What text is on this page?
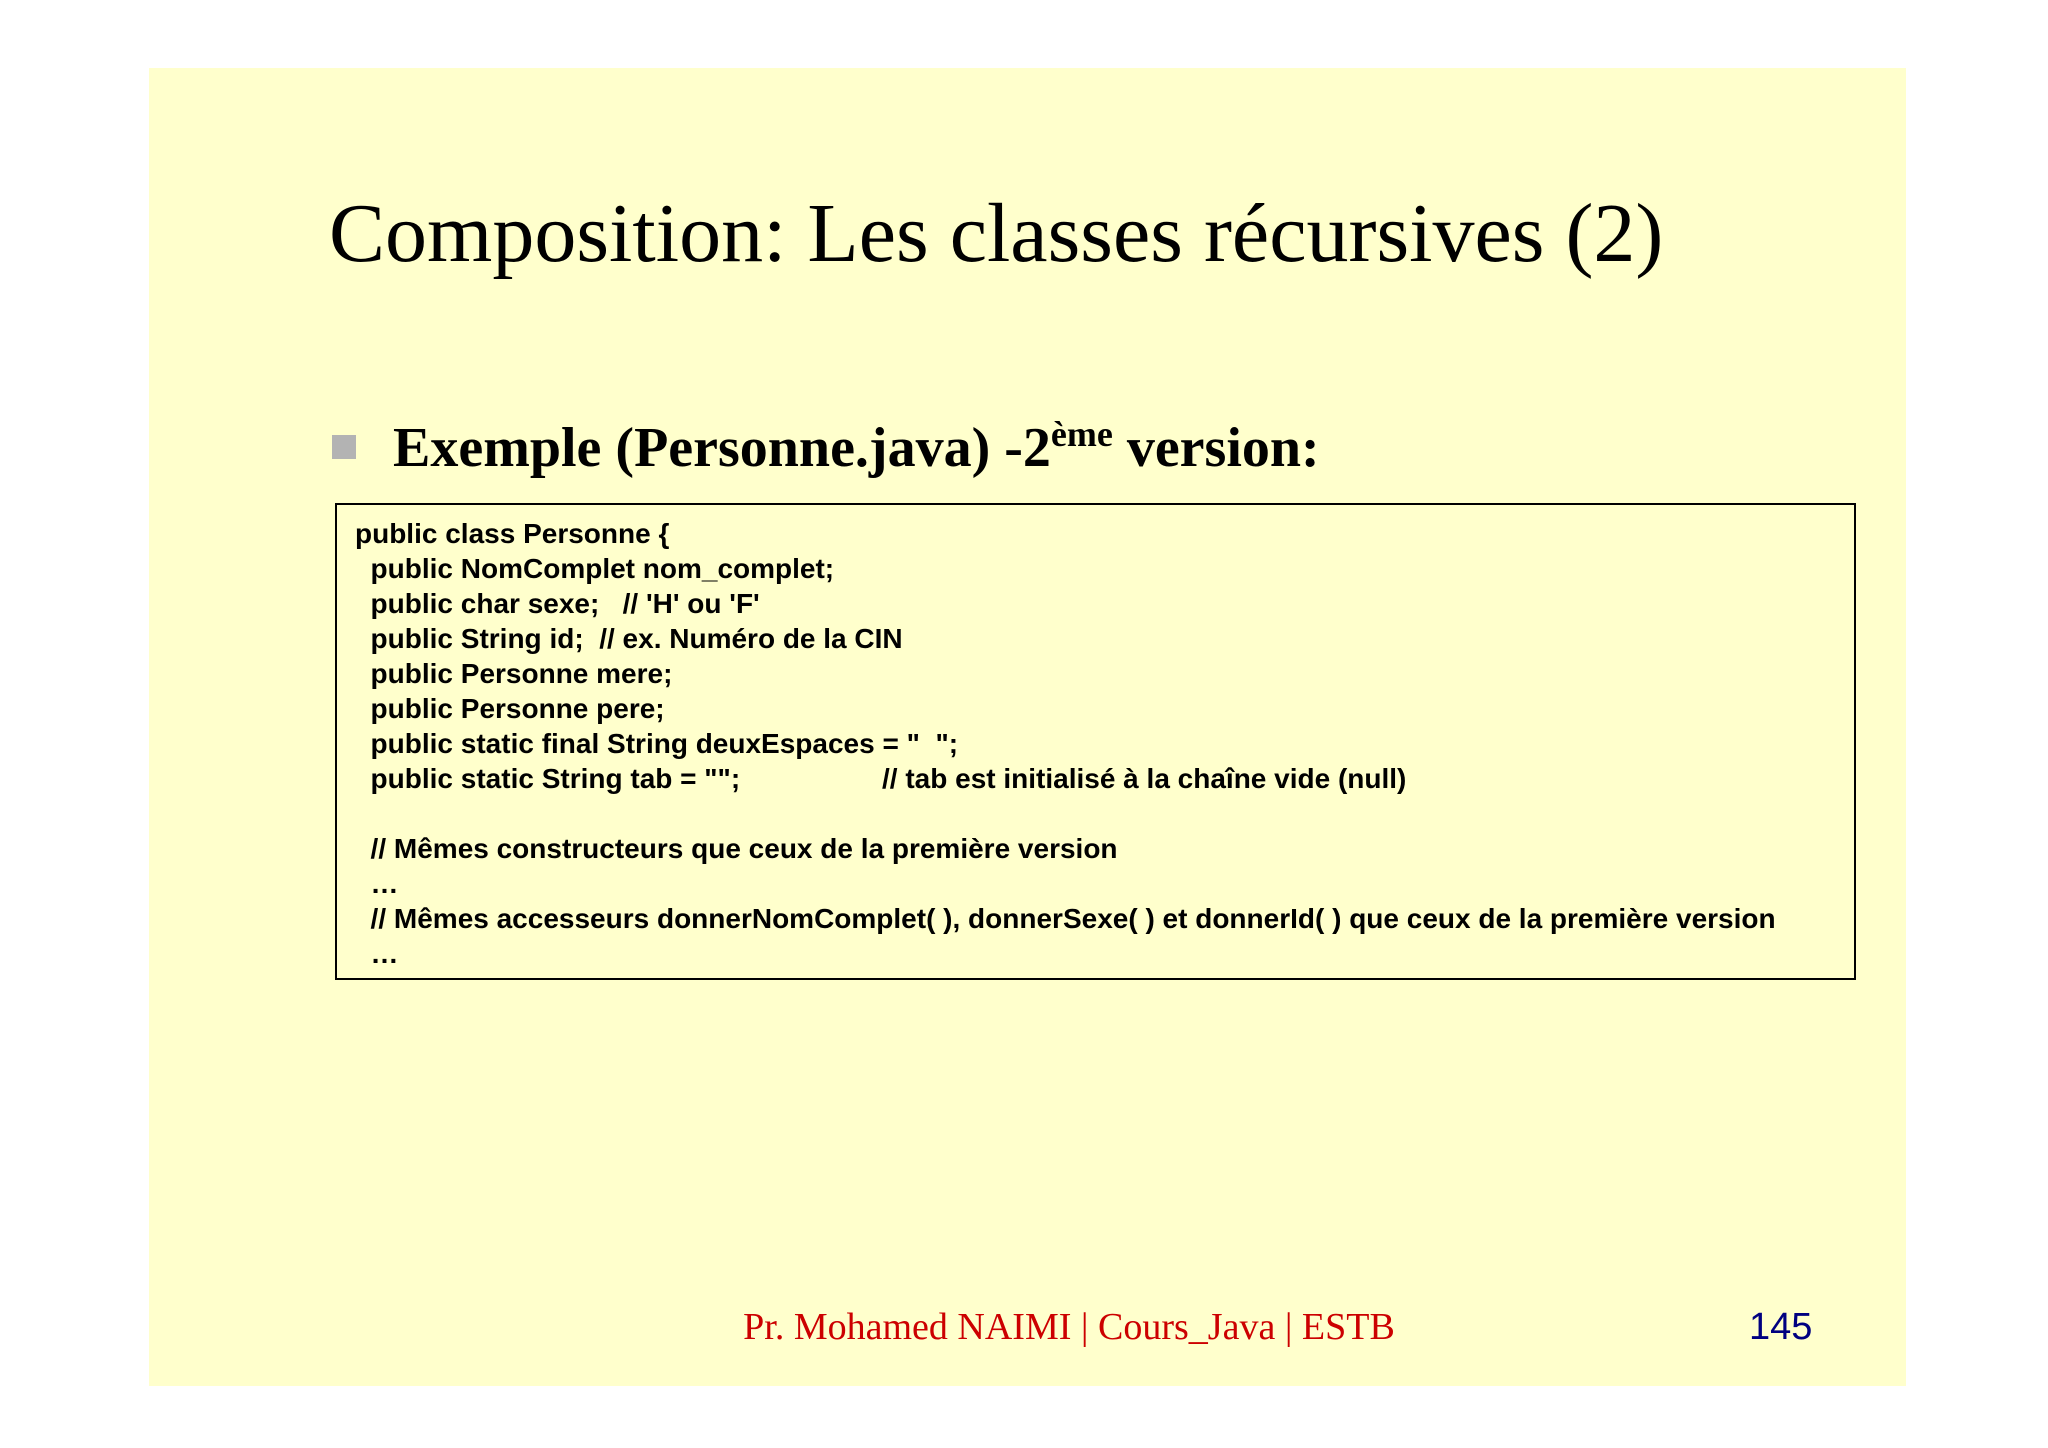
Composition: Les classes récursives (2)
Exemple (Personne.java) -2ème version:
public class Personne {
public NomComplet nom_complet;
public char sexe;   // 'H' ou 'F'
public String id;  // ex. Numéro de la CIN
public Personne mere;
public Personne pere;
public static final String deuxEspaces = "  ";
public static String tab = "";	// tab est initialisé à la chaîne vide (null)
// Mêmes constructeurs que ceux de la première version
…
// Mêmes accesseurs donnerNomComplet( ), donnerSexe( ) et donnerId( ) que ceux de la première version
…
Pr. Mohamed NAIMI | Cours_Java | ESTB	145
